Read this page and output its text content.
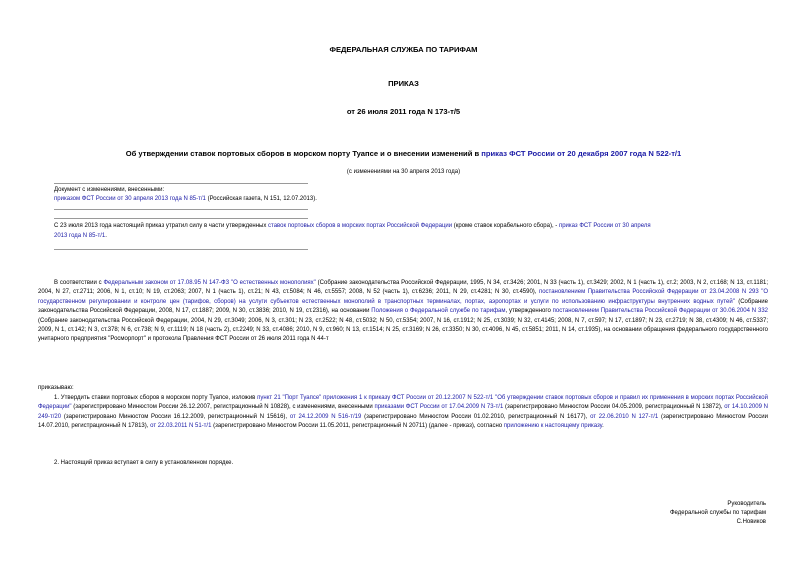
ФЕДЕРАЛЬНАЯ СЛУЖБА ПО ТАРИФАМ
ПРИКАЗ
от 26 июля 2011 года N 173-т/5
Об утверждении ставок портовых сборов в морском порту Туапсе и о внесении изменений в приказ ФСТ России от 20 декабря 2007 года N 522-т/1
(с изменениями на 30 апреля 2013 года)
Документ с изменениями, внесенными:
приказом ФСТ России от 30 апреля 2013 года N 85-т/1 (Российская газета, N 151, 12.07.2013).
С 23 июля 2013 года настоящий приказ утратил силу в части утвержденных ставок портовых сборов в морских портах Российской Федерации (кроме ставок корабельного сбора), - приказ ФСТ России от 30 апреля
2013 года N 85-т/1.
В соответствии с Федеральным законом от 17.08.95 N 147-ФЗ "О естественных монополиях" (Собрание законодательства Российской Федерации, 1995, N 34, ст.3426; 2001, N 33 (часть 1), ст.3429; 2002, N 1 (часть 1), ст.2; 2003, N 2, ст.168; N 13, ст.1181; 2004, N 27, ст.2711; 2006, N 1, ст.10; N 19, ст.2063; 2007, N 1 (часть 1), ст.21; N 43, ст.5084; N 46, ст.5557; 2008, N 52 (часть 1), ст.6236; 2011, N 29, ст.4281; N 30, ст.4590), постановлением Правительства Российской Федерации от 23.04.2008 N 293 "О государственном регулировании и контроле цен (тарифов, сборов) на услуги субъектов естественных монополий в транспортных терминалах, портах, аэропортах и услуги по использованию инфраструктуры внутренних водных путей" (Собрание законодательства Российской Федерации, 2008, N 17, ст.1887; 2009, N 30, ст.3836; 2010, N 19, ст.2316), на основании Положения о Федеральной службе по тарифам, утвержденного постановлением Правительства Российской Федерации от 30.06.2004 N 332 (Собрание законодательства Российской Федерации, 2004, N 29, ст.3049; 2006, N 3, ст.301; N 23, ст.2522; N 48, ст.5032; N 50, ст.5354; 2007, N 16, ст.1912; N 25, ст.3039; N 32, ст.4145; 2008, N 7, ст.597; N 17, ст.1897; N 23, ст.2719; N 38, ст.4309; N 46, ст.5337; 2009, N 1, ст.142; N 3, ст.378; N 6, ст.738; N 9, ст.1119; N 18 (часть 2), ст.2249; N 33, ст.4086; 2010, N 9, ст.960; N 13, ст.1514; N 25, ст.3169; N 26, ст.3350; N 30, ст.4096, N 45, ст.5851; 2011, N 14, ст.1935), на основании обращения федерального государственного унитарного предприятия "Росморпорт" и протокола Правления ФСТ России от 26 июля 2011 года N 44-т
приказываю:
1. Утвердить ставки портовых сборов в морском порту Туапсе, изложив пункт 21 "Порт Туапсе" приложения 1 к приказу ФСТ России от 20.12.2007 N 522-т/1 "Об утверждении ставок портовых сборов и правил их применения в морских портах Российской Федерации" (зарегистрировано Минюстом России 26.12.2007, регистрационный N 10828), с изменениями, внесенными приказами ФСТ России от 17.04.2009 N 73-т/1 (зарегистрировано Минюстом России 04.05.2009, регистрационный N 13872), от 14.10.2009 N 249-т/20 (зарегистрировано Минюстом России 16.12.2009, регистрационный N 15616), от 24.12.2009 N 516-т/19 (зарегистрировано Минюстом России 01.02.2010, регистрационный N 16177), от 22.06.2010 N 127-т/1 (зарегистрировано Минюстом России 14.07.2010, регистрационный N 17813), от 22.03.2011 N 51-т/1 (зарегистрировано Минюстом России 11.05.2011, регистрационный N 20711) (далее - приказ), согласно приложению к настоящему приказу.
2. Настоящий приказ вступает в силу в установленном порядке.
Руководитель
Федеральной службы по тарифам
С.Новиков
